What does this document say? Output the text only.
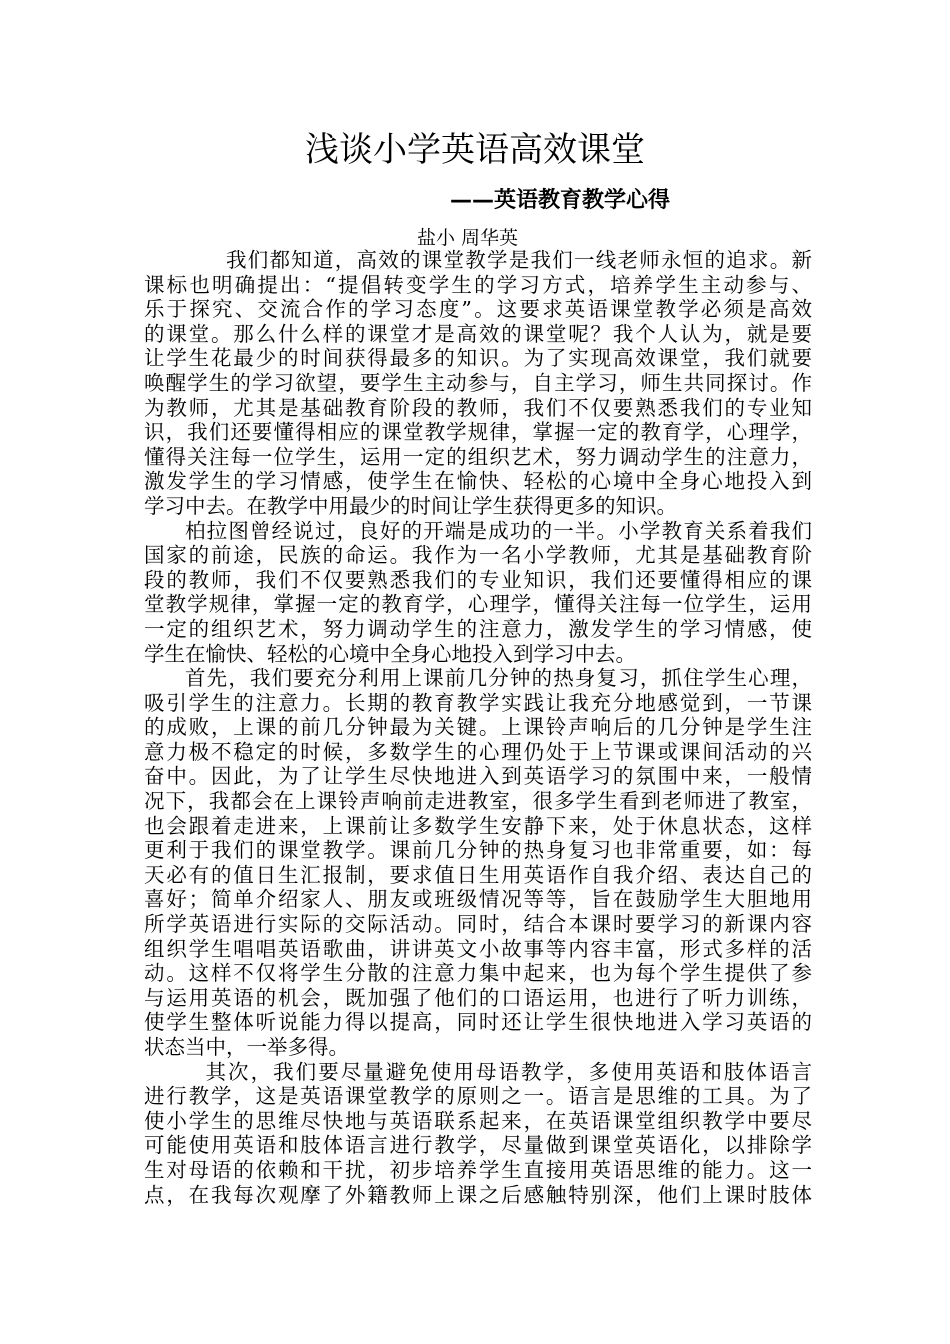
浅谈小学英语高效课堂
——英语教育教学心得
盐小 周华英

我们都知道，高效的课堂教学是我们一线老师永恒的追求。新
课标也明确提出：“提倡转变学生的学习方式，培养学生主动参与、
乐于探究、交流合作的学习态度”。这要求英语课堂教学必须是高效
的课堂。那么什么样的课堂才是高效的课堂呢？我个人认为，就是要
让学生花最少的时间获得最多的知识。为了实现高效课堂，我们就要
唤醒学生的学习欲望，要学生主动参与，自主学习，师生共同探讨。作
为教师，尤其是基础教育阶段的教师，我们不仅要熟悉我们的专业知
识，我们还要懂得相应的课堂教学规律，掌握一定的教育学，心理学，
懂得关注每一位学生，运用一定的组织艺术，努力调动学生的注意力，
激发学生的学习情感，使学生在愉快、轻松的心境中全身心地投入到
学习中去。在教学中用最少的时间让学生获得更多的知识。

柏拉图曾经说过，良好的开端是成功的一半。小学教育关系着我们
国家的前途，民族的命运。我作为一名小学教师，尤其是基础教育阶
段的教师，我们不仅要熟悉我们的专业知识，我们还要懂得相应的课
堂教学规律，掌握一定的教育学，心理学，懂得关注每一位学生，运用
一定的组织艺术，努力调动学生的注意力，激发学生的学习情感，使
学生在愉快、轻松的心境中全身心地投入到学习中去。

首先，我们要充分利用上课前几分钟的热身复习，抓住学生心理，
吸引学生的注意力。长期的教育教学实践让我充分地感觉到，一节课
的成败，上课的前几分钟最为关键。上课铃声响后的几分钟是学生注
意力极不稳定的时候，多数学生的心理仍处于上节课或课间活动的兴
奋中。因此，为了让学生尽快地进入到英语学习的氛围中来，一般情
况下，我都会在上课铃声响前走进教室，很多学生看到老师进了教室，
也会跟着走进来，上课前让多数学生安静下来，处于休息状态，这样
更利于我们的课堂教学。课前几分钟的热身复习也非常重要，如：每
天必有的值日生汇报制，要求值日生用英语作自我介绍、表达自己的
喜好；简单介绍家人、朋友或班级情况等等，旨在鼓励学生大胆地用
所学英语进行实际的交际活动。同时，结合本课时要学习的新课内容
组织学生唱唱英语歌曲，讲讲英文小故事等内容丰富，形式多样的活
动。这样不仅将学生分散的注意力集中起来，也为每个学生提供了参
与运用英语的机会，既加强了他们的口语运用，也进行了听力训练，
使学生整体听说能力得以提高，同时还让学生很快地进入学习英语的
状态当中，一举多得。

其次，我们要尽量避免使用母语教学，多使用英语和肢体语言
进行教学，这是英语课堂教学的原则之一。语言是思维的工具。为了
使小学生的思维尽快地与英语联系起来，在英语课堂组织教学中要尽
可能使用英语和肢体语言进行教学，尽量做到课堂英语化，以排除学
生对母语的依赖和干扰，初步培养学生直接用英语思维的能力。这一
点，在我每次观摩了外籍教师上课之后感触特别深，他们上课时肢体
